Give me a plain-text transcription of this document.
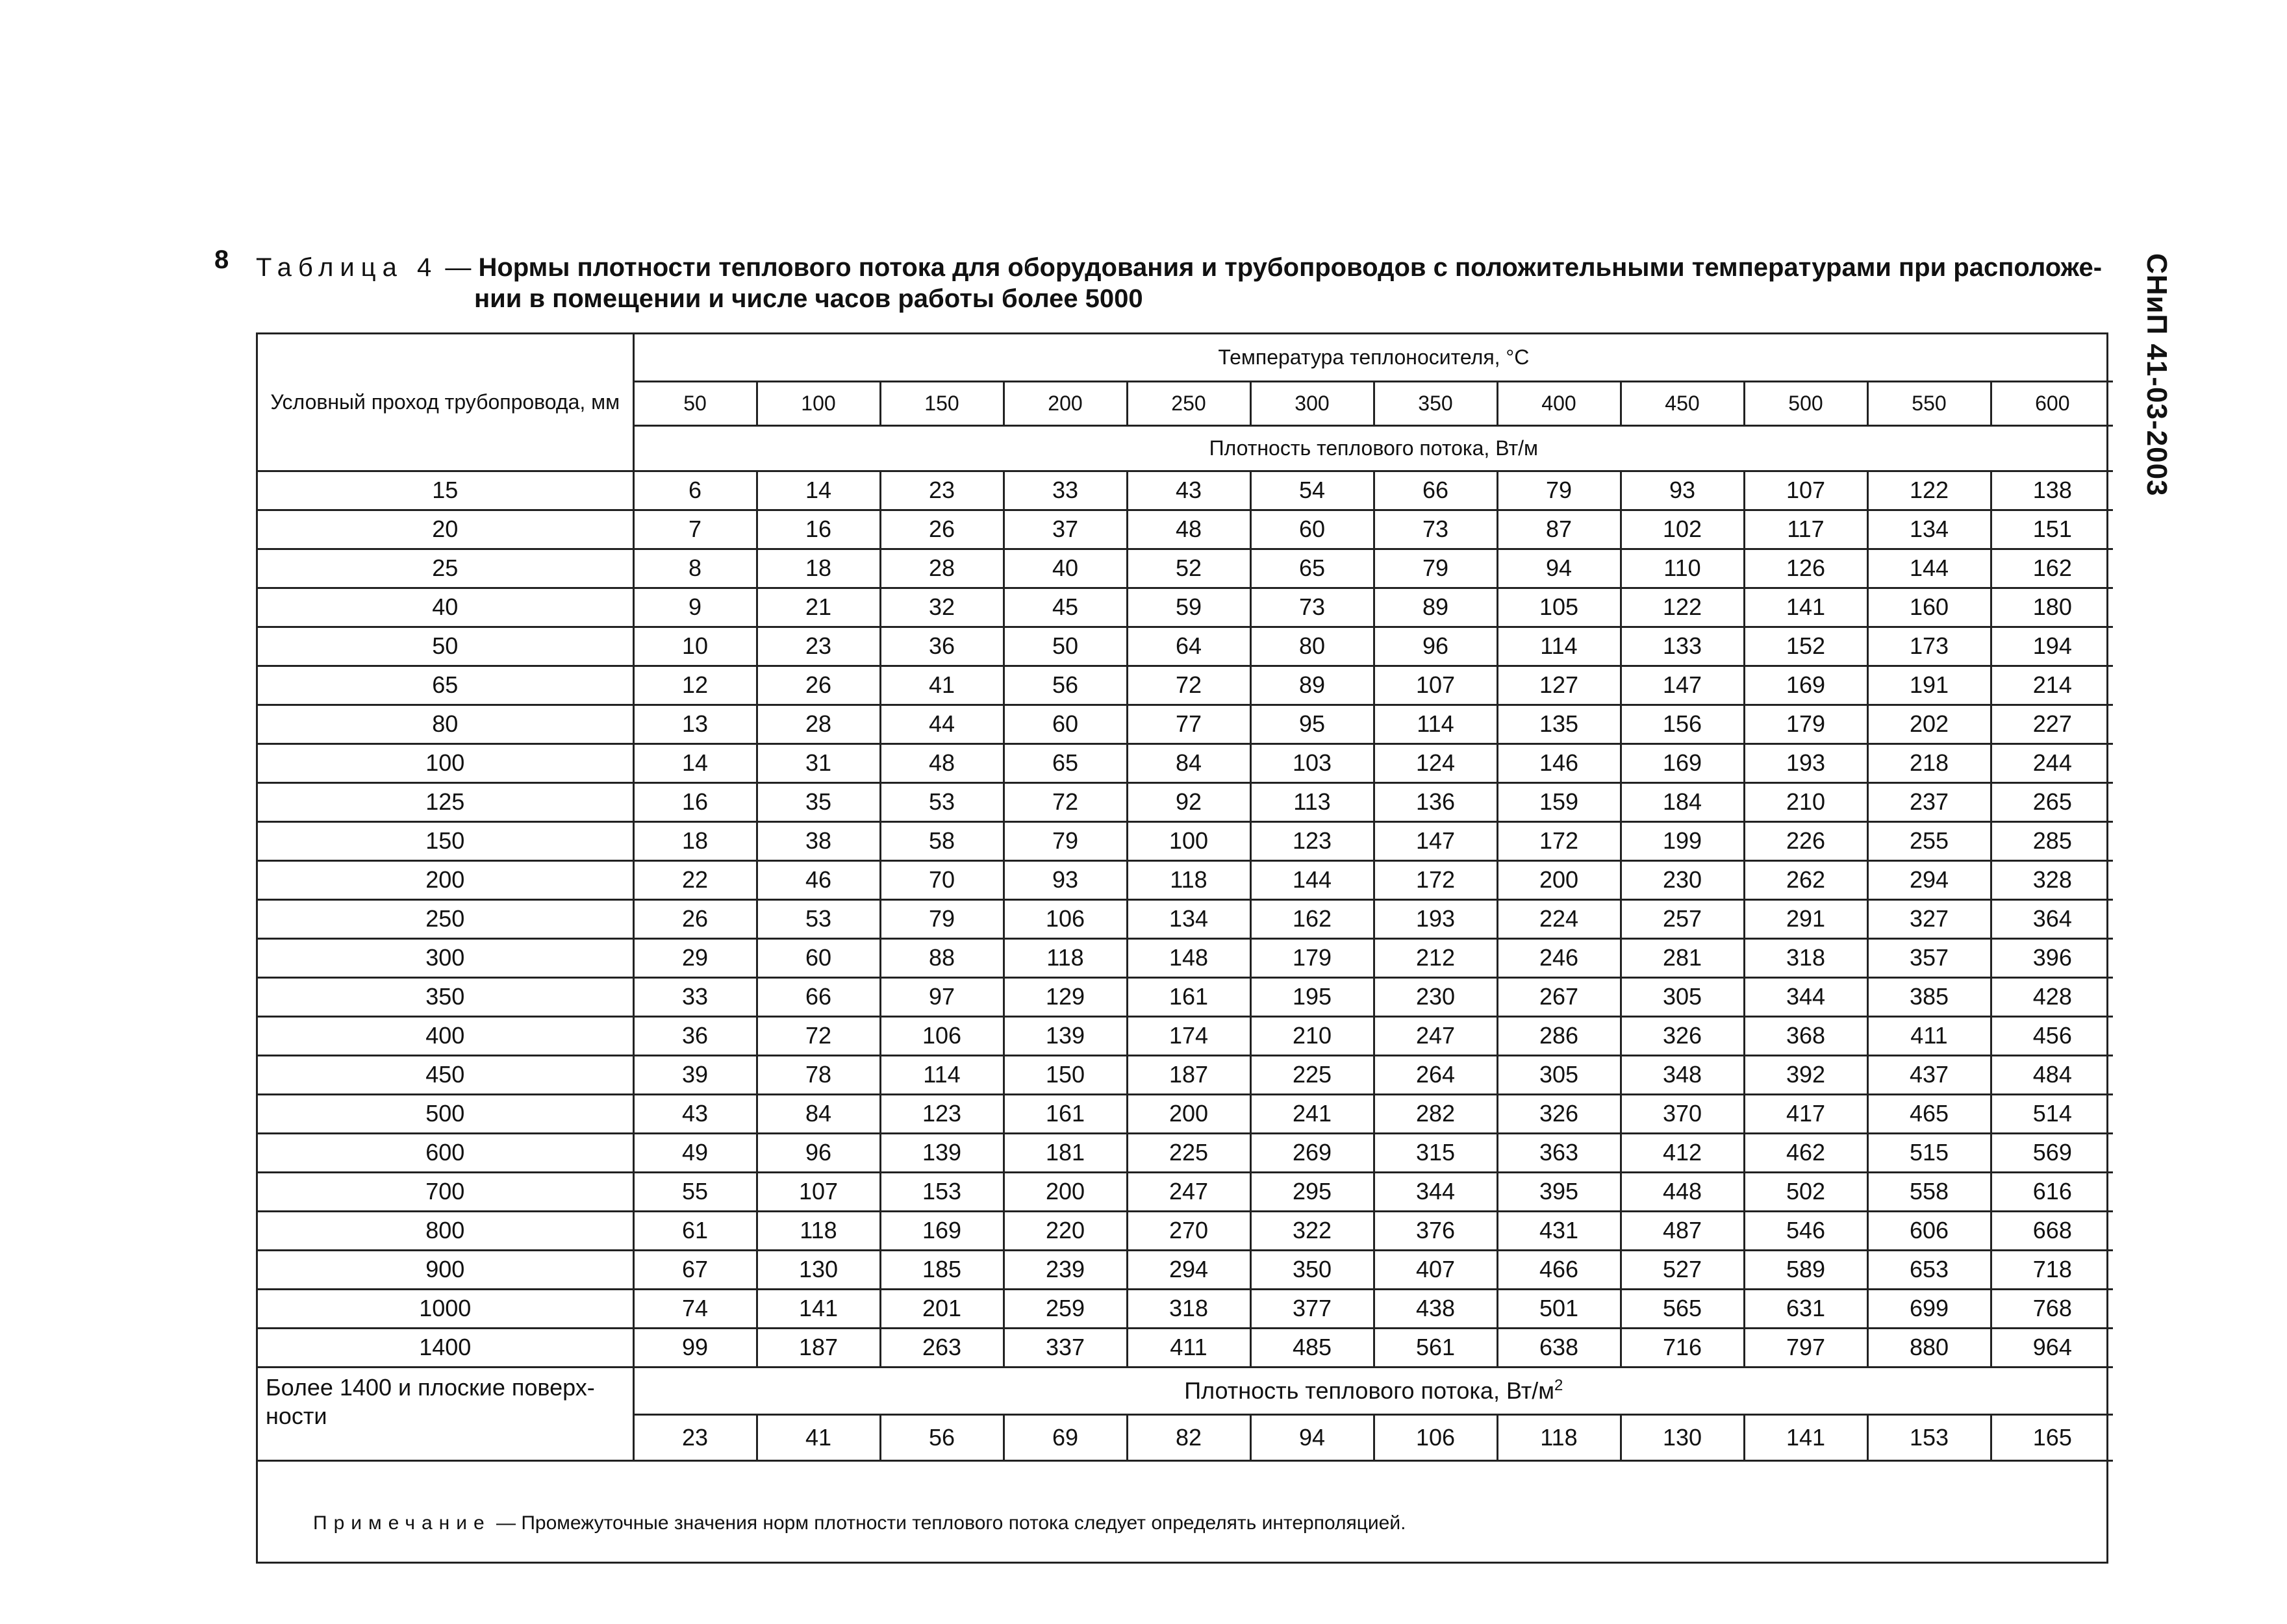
8 Таблица 4 — Нормы плотности теплового потока для оборудования и трубопроводов с положительными температурами при расположе-
нии в помещении и числе часов работы более 5000	СНиП 41-03-2003
Условный проход трубопровода, мм	Температура теплоносителя, °С											
	50	100	150	200	250	300	350	400	450	500	550	600
	Плотность теплового потока, Вт/м											
15	6	14	23	33	43	54	66	79	93	107	122	138
20	7	16	26	37	48	60	73	87	102	117	134	151
25	8	18	28	40	52	65	79	94	110	126	144	162
40	9	21	32	45	59	73	89	105	122	141	160	180
50	10	23	36	50	64	80	96	114	133	152	173	194
65	12	26	41	56	72	89	107	127	147	169	191	214
80	13	28	44	60	77	95	114	135	156	179	202	227
100	14	31	48	65	84	103	124	146	169	193	218	244
125	16	35	53	72	92	113	136	159	184	210	237	265
150	18	38	58	79	100	123	147	172	199	226	255	285
200	22	46	70	93	118	144	172	200	230	262	294	328
250	26	53	79	106	134	162	193	224	257	291	327	364
300	29	60	88	118	148	179	212	246	281	318	357	396
350	33	66	97	129	161	195	230	267	305	344	385	428
400	36	72	106	139	174	210	247	286	326	368	411	456
450	39	78	114	150	187	225	264	305	348	392	437	484
500	43	84	123	161	200	241	282	326	370	417	465	514
600	49	96	139	181	225	269	315	363	412	462	515	569
700	55	107	153	200	247	295	344	395	448	502	558	616
800	61	118	169	220	270	322	376	431	487	546	606	668
900	67	130	185	239	294	350	407	466	527	589	653	718
1000	74	141	201	259	318	377	438	501	565	631	699	768
1400	99	187	263	337	411	485	561	638	716	797	880	964
Более 1400 и плоские поверх-ности	Плотность теплового потока, $Вт/м^2$
	23	41	56	69	82	94	106	118	130	141	153	165
Примечание — Промежуточные значения норм плотности теплового потока следует определять интерполяцией.
